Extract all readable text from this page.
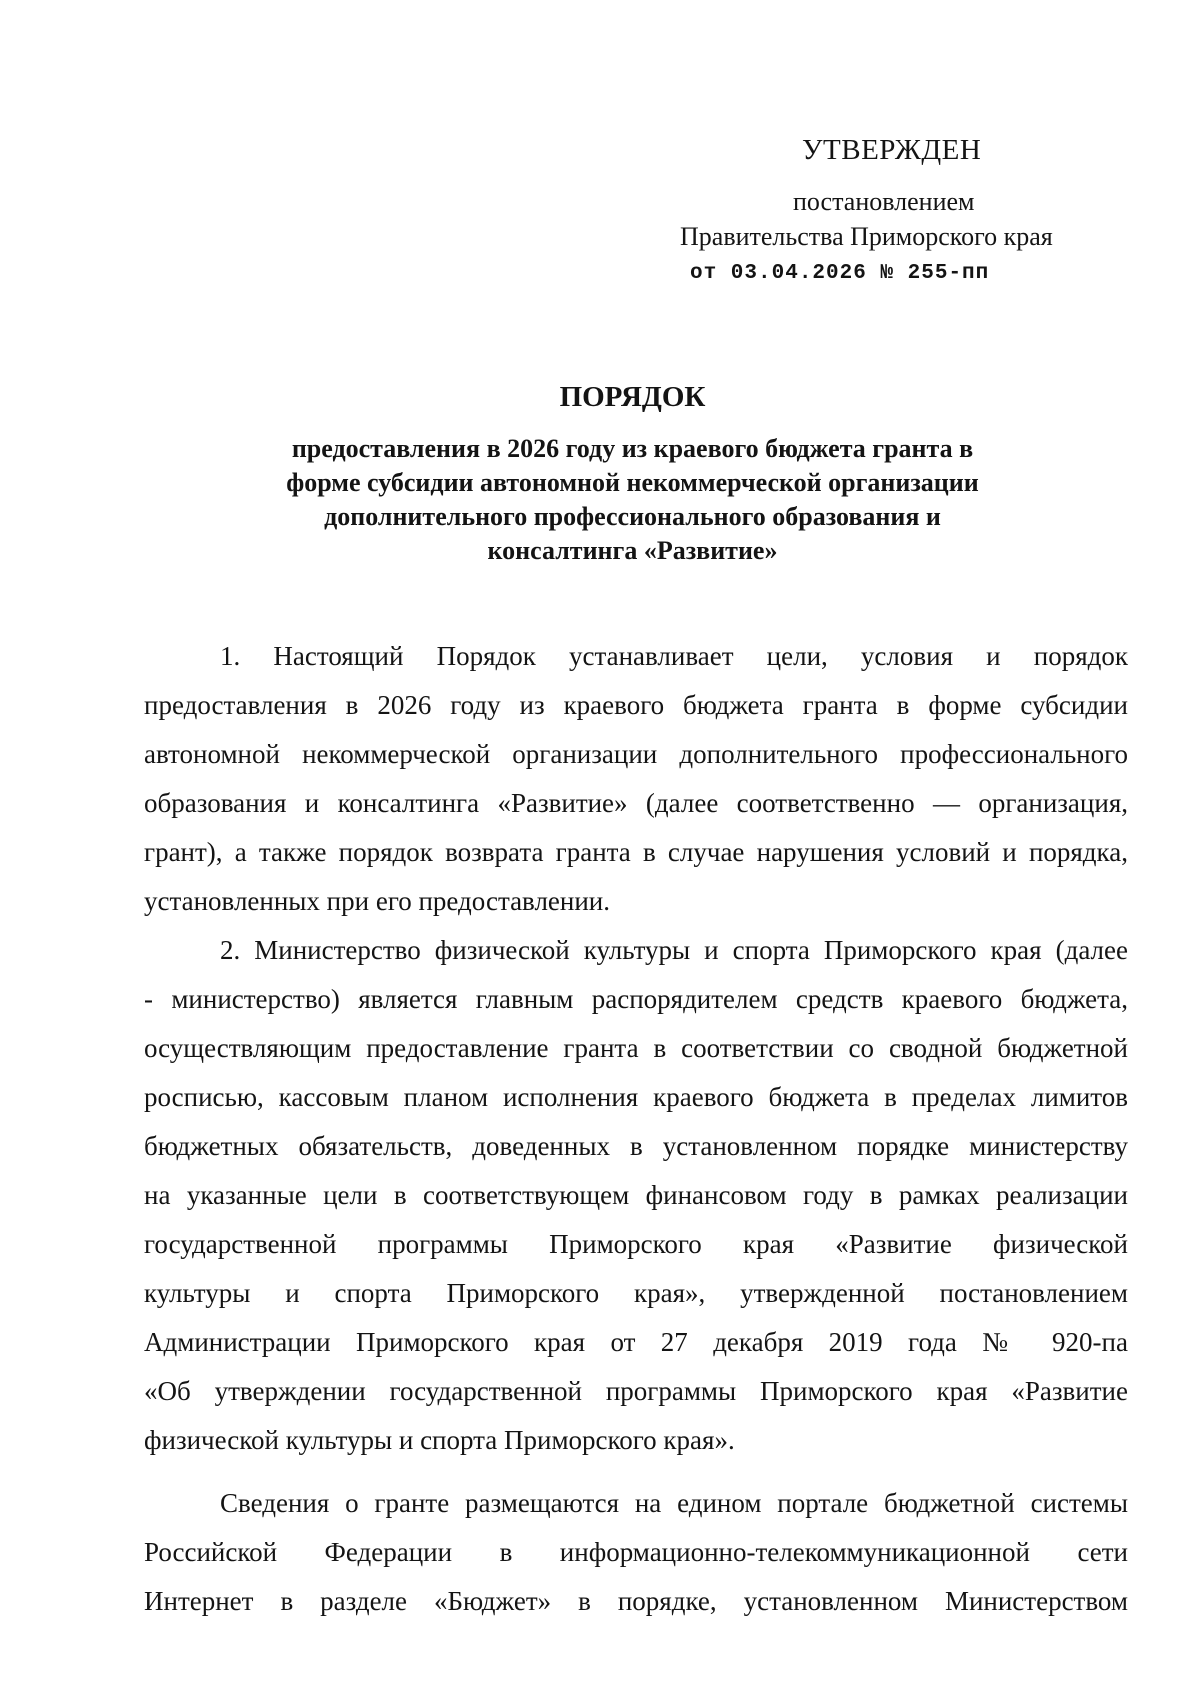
УТВЕРЖДЕН
постановлением
Правительства Приморского края
от 03.04.2026 № 255-пп
ПОРЯДОК
предоставления в 2026 году из краевого бюджета гранта в
форме субсидии автономной некоммерческой организации
дополнительного профессионального образования и
консалтинга «Развитие»
1. Настоящий Порядок устанавливает цели, условия и порядок
предоставления в 2026 году из краевого бюджета гранта в форме субсидии
автономной некоммерческой организации дополнительного профессионального
образования и консалтинга «Развитие» (далее соответственно — организация,
грант), а также порядок возврата гранта в случае нарушения условий и порядка,
установленных при его предоставлении.
2. Министерство физической культуры и спорта Приморского края (далее
- министерство) является главным распорядителем средств краевого бюджета,
осуществляющим предоставление гранта в соответствии со сводной бюджетной
росписью, кассовым планом исполнения краевого бюджета в пределах лимитов
бюджетных обязательств, доведенных в установленном порядке министерству
на указанные цели в соответствующем финансовом году в рамках реализации
государственной программы Приморского края «Развитие физической
культуры и спорта Приморского края», утвержденной постановлением
Администрации Приморского края от 27 декабря 2019 года № 920-па
«Об утверждении государственной программы Приморского края «Развитие
физической культуры и спорта Приморского края».
Сведения о гранте размещаются на едином портале бюджетной системы
Российской Федерации в информационно-телекоммуникационной сети
Интернет в разделе «Бюджет» в порядке, установленном Министерством
